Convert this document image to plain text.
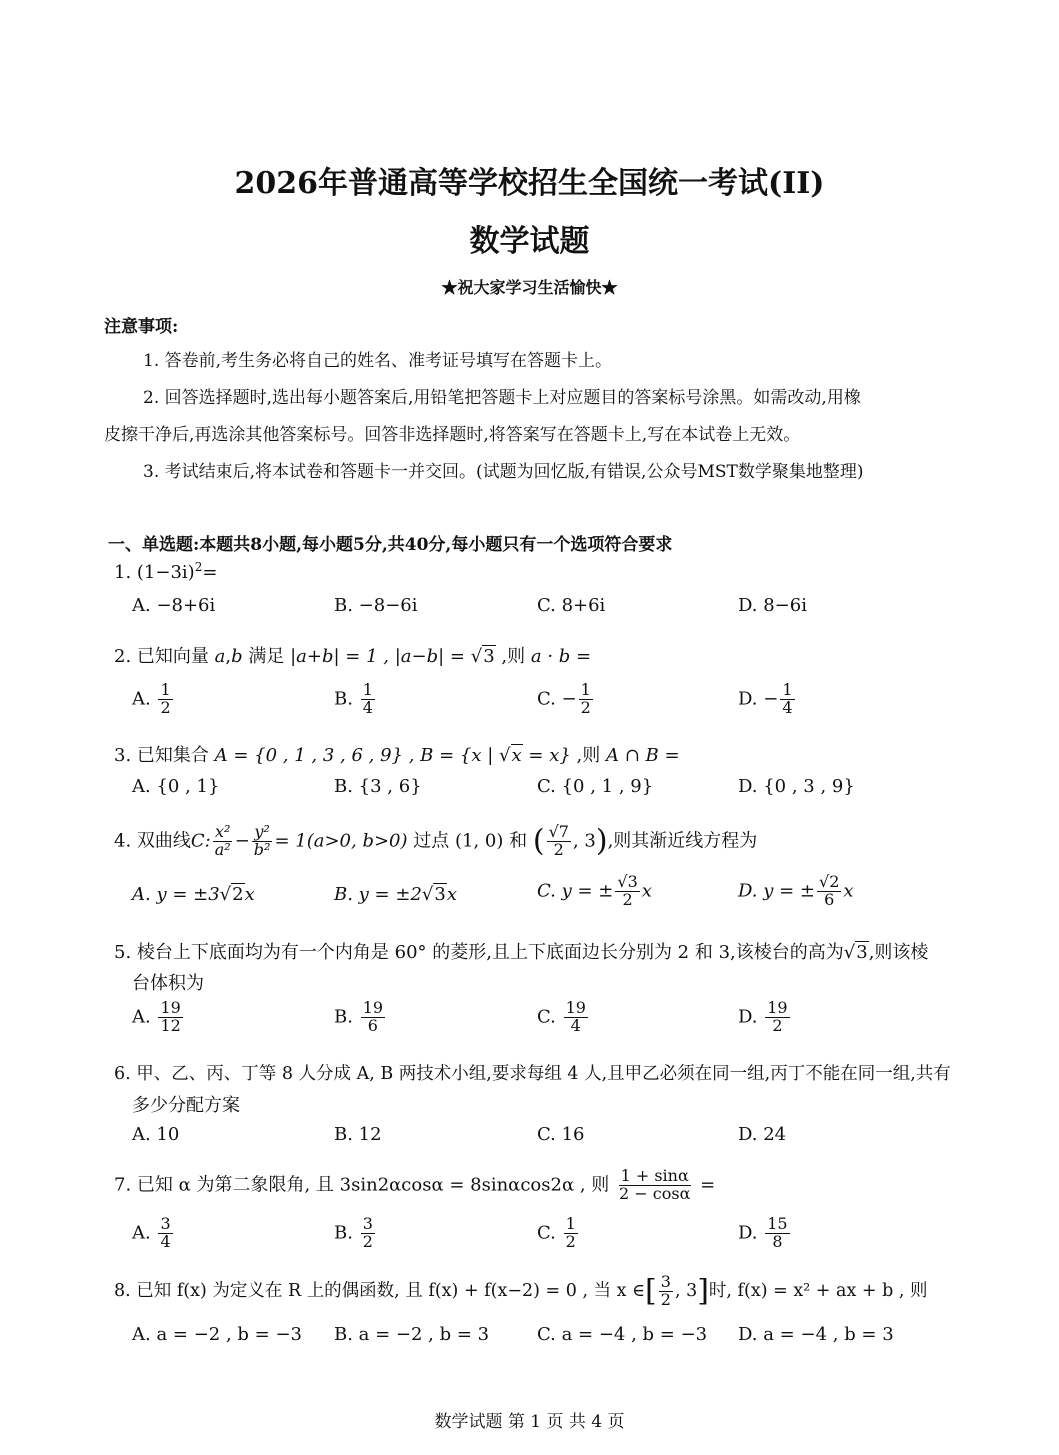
2026年普通高等学校招生全国统一考试(II)
数学试题
★祝大家学习生活愉快★
注意事项:
1. 答卷前,考生务必将自己的姓名、准考证号填写在答题卡上。
2. 回答选择题时,选出每小题答案后,用铅笔把答题卡上对应题目的答案标号涂黑。如需改动,用橡
皮擦干净后,再选涂其他答案标号。回答非选择题时,将答案写在答题卡上,写在本试卷上无效。
3. 考试结束后,将本试卷和答题卡一并交回。(试题为回忆版,有错误,公众号MST数学聚集地整理)
一、单选题:本题共8小题,每小题5分,共40分,每小题只有一个选项符合要求
1. $(1-3i)^2=$
A. −8+6i	B. −8−6i	C. 8+6i	D. 8−6i
2. 已知向量 a,b 满足 |a+b| = 1 , |a−b| = √3 ,则 a · b =
A. $\frac{1}{2}$	B. $\frac{1}{4}$	C. − $\frac{1}{2}$	D. − $\frac{1}{4}$
3. 已知集合 A = {0 , 1 , 3 , 6 , 9} , B = {x | √x = x} ,则 A ∩ B =
A. {0 , 1}	B. {3 , 6}	C. {0 , 1 , 9}	D. {0 , 3 , 9}
4. 双曲线C: $\frac{\text{x²}}{\text{a²}} - \frac{\text{y²}}{\text{b²}} = 1(a>0$, b>0) 过点 (1, 0) 和 ( $\frac{√7}{2}$ , 3),则其渐近线方程为
A. y = ±3√2x	B. y = ±2√3x	C. y = ± $\frac{√3}{2}$ x	D. y = ± $\frac{√2}{6}$ x
5. 棱台上下底面均为有一个内角是 60° 的菱形,且上下底面边长分别为 2 和 3,该棱台的高为√3,则该棱
台体积为
A. $\frac{19}{12}$	B. $\frac{19}{6}$	C. $\frac{19}{4}$	D. $\frac{19}{2}$
6. 甲、乙、丙、丁等 8 人分成 A, B 两技术小组,要求每组 4 人,且甲乙必须在同一组,丙丁不能在同一组,共有
多少分配方案
A. 10	B. 12	C. 16	D. 24
7. 已知 α 为第二象限角, 且 3sin2αcosα = 8sinαcos2α , 则 $\frac{1 + \sin\alpha}{2 - \cos\alpha}$ =
A. $\frac{3}{4}$	B. $\frac{3}{2}$	C. $\frac{1}{2}$	D. $\frac{15}{8}$
8. 已知 f(x) 为定义在 R 上的偶函数, 且 f(x) + f(x−2) = 0 , 当 x ∈[ $\frac{3}{2}$ , 3]时, f(x) = x² + ax + b , 则
A. a = −2 , b = −3 B. a = −2 , b = 3	C. a = −4 , b = −3 D. a = −4 , b = 3
数学试题 第 1 页 共 4 页
